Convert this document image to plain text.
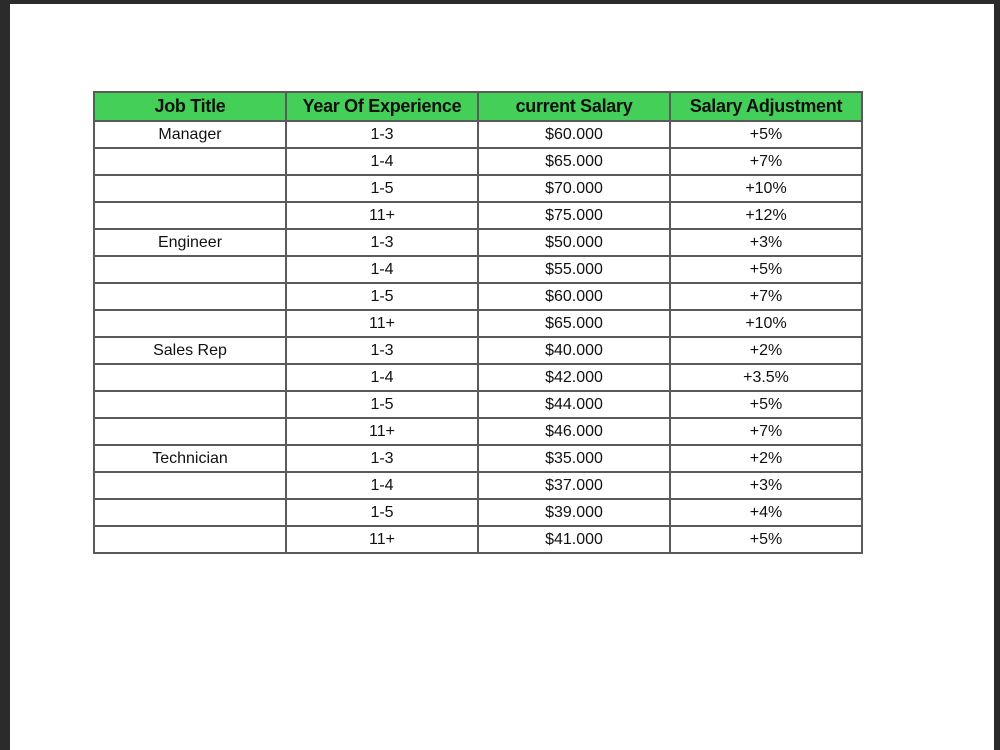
Job Title	Year Of Experience	current Salary	Salary Adjustment
Manager	1-3	$60.000	+5%
	1-4	$65.000	+7%
	1-5	$70.000	+10%
	11+	$75.000	+12%
Engineer	1-3	$50.000	+3%
	1-4	$55.000	+5%
	1-5	$60.000	+7%
	11+	$65.000	+10%
Sales Rep	1-3	$40.000	+2%
	1-4	$42.000	+3.5%
	1-5	$44.000	+5%
	11+	$46.000	+7%
Technician	1-3	$35.000	+2%
	1-4	$37.000	+3%
	1-5	$39.000	+4%
	11+	$41.000	+5%
